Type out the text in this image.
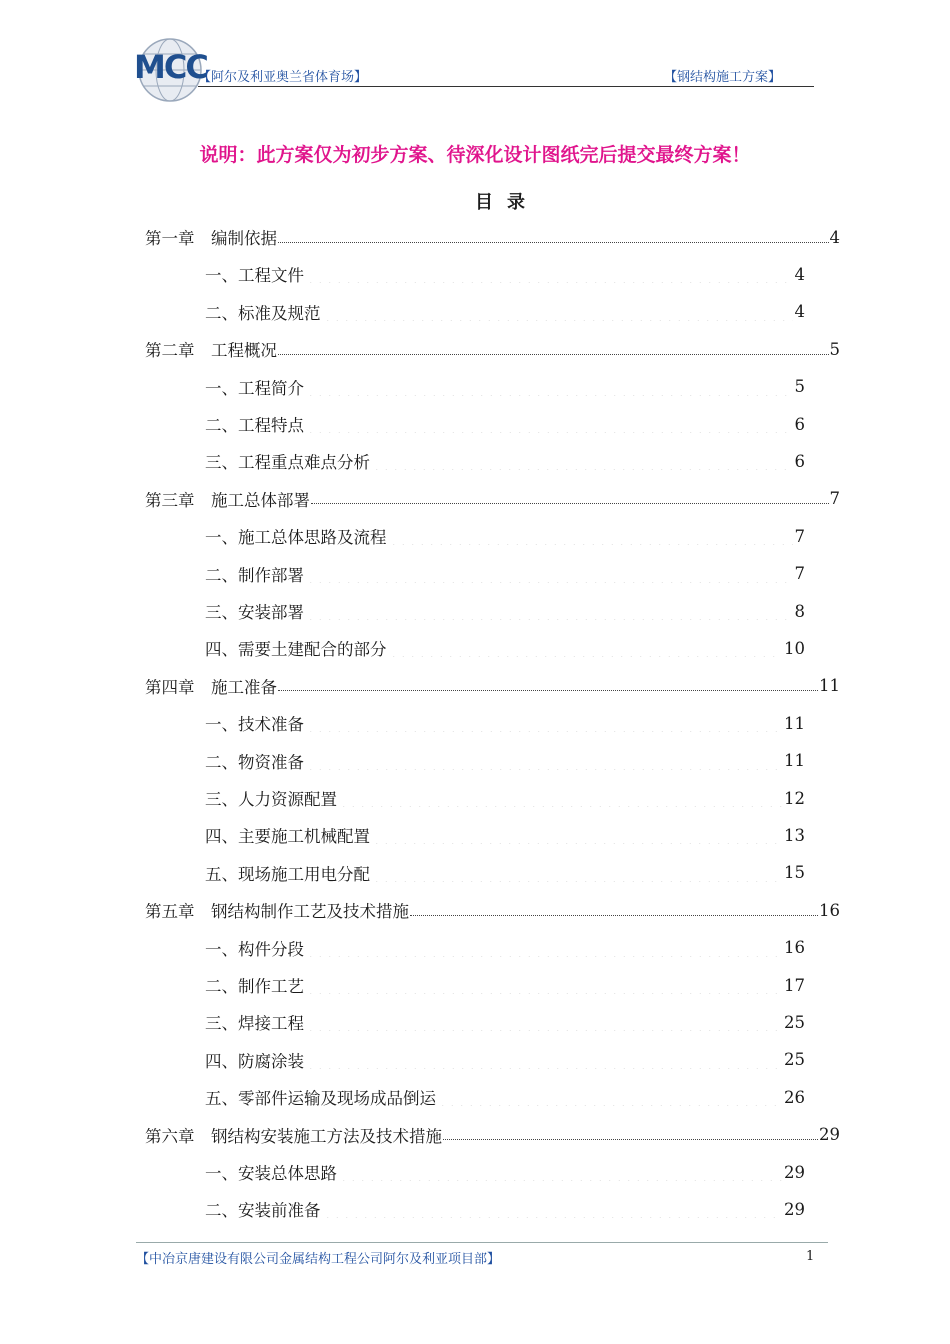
MCC
【阿尔及利亚奥兰省体育场】	【钢结构施工方案】
说明：此方案仅为初步方案、待深化设计图纸完后提交最终方案！
目录
第一章　编制依据	4
一、工程文件	4
二、标准及规范	4
第二章　工程概况	5
一、工程简介	5
二、工程特点	6
三、工程重点难点分析	6
第三章　施工总体部署	7
一、施工总体思路及流程	7
二、制作部署	7
三、安装部署	8
四、需要土建配合的部分	10
第四章　施工准备	11
一、技术准备	11
二、物资准备	11
三、人力资源配置	12
四、主要施工机械配置	13
五、现场施工用电分配	15
第五章　钢结构制作工艺及技术措施	16
一、构件分段	16
二、制作工艺	17
三、焊接工程	25
四、防腐涂装	25
五、零部件运输及现场成品倒运	26
第六章　钢结构安装施工方法及技术措施	29
一、安装总体思路	29
二、安装前准备	29
【中冶京唐建设有限公司金属结构工程公司阿尔及利亚项目部】	1
